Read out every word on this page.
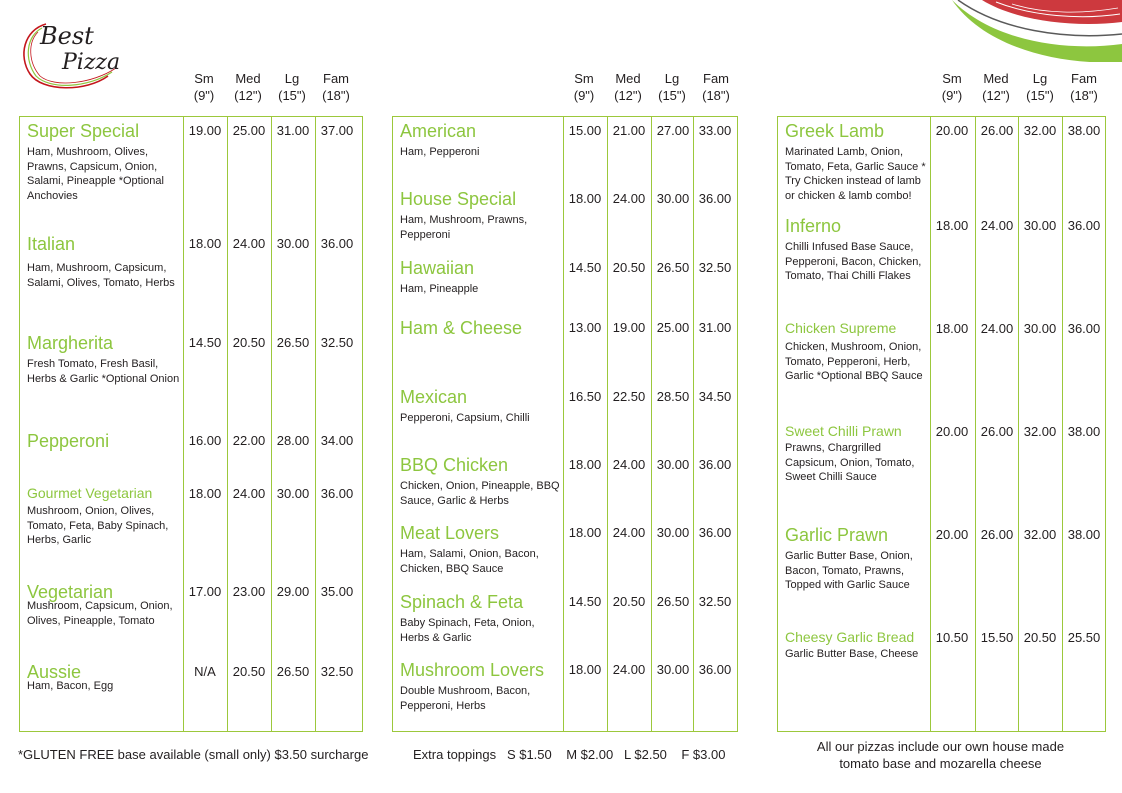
Best
Pizza
Sm
(9")
Med
(12")
Lg
(15")
Fam
(18")
Sm
(9")
Med
(12")
Lg
(15")
Fam
(18")
Sm
(9")
Med
(12")
Lg
(15")
Fam
(18")
Super Special
Ham, Mushroom, Olives, Prawns, Capsicum, Onion, Salami, Pineapple *Optional Anchovies
19.00 25.00 31.00 37.00
Italian
Ham, Mushroom, Capsicum, Salami, Olives, Tomato, Herbs
18.00 24.00 30.00 36.00
Margherita
Fresh Tomato, Fresh Basil, Herbs & Garlic *Optional Onion
14.50 20.50 26.50 32.50
Pepperoni	16.00 22.00 28.00 34.00
Gourmet Vegetarian
Mushroom, Onion, Olives, Tomato, Feta, Baby Spinach, Herbs, Garlic
18.00 24.00 30.00 36.00
Vegetarian
Mushroom, Capsicum, Onion, Olives, Pineapple, Tomato
17.00 23.00 29.00 35.00
Aussie
Ham, Bacon, Egg
N/A	20.50 26.50 32.50
American
Ham, Pepperoni
15.00 21.00 27.00 33.00
House Special
Ham, Mushroom, Prawns, Pepperoni
18.00 24.00 30.00 36.00
Hawaiian
Ham, Pineapple
14.50 20.50 26.50 32.50
Ham & Cheese	13.00 19.00 25.00 31.00
Mexican
Pepperoni, Capsium, Chilli
16.50 22.50 28.50 34.50
BBQ Chicken
Chicken, Onion, Pineapple, BBQ Sauce, Garlic & Herbs
18.00 24.00 30.00 36.00
Meat Lovers
Ham, Salami, Onion, Bacon, Chicken, BBQ Sauce
18.00 24.00 30.00 36.00
Spinach & Feta
Baby Spinach, Feta, Onion, Herbs & Garlic
14.50 20.50 26.50 32.50
Mushroom Lovers
Double Mushroom, Bacon, Pepperoni, Herbs
18.00 24.00 30.00 36.00
Greek Lamb
Marinated Lamb, Onion, Tomato, Feta, Garlic Sauce * Try Chicken instead of lamb or chicken & lamb combo!
20.00 26.00 32.00 38.00
Inferno
Chilli Infused Base Sauce, Pepperoni, Bacon, Chicken, Tomato, Thai Chilli Flakes
18.00 24.00 30.00 36.00
Chicken Supreme
Chicken, Mushroom, Onion, Tomato, Pepperoni, Herb, Garlic *Optional BBQ Sauce
18.00 24.00 30.00 36.00
Sweet Chilli Prawn
Prawns, Chargrilled Capsicum, Onion, Tomato, Sweet Chilli Sauce
20.00 26.00 32.00 38.00
Garlic Prawn
Garlic Butter Base, Onion, Bacon, Tomato, Prawns, Topped with Garlic Sauce
20.00 26.00 32.00 38.00
Cheesy Garlic Bread
Garlic Butter Base, Cheese
10.50 15.50 20.50 25.50
*GLUTEN FREE base available (small only) $3.50 surcharge	Extra toppings   S $1.50    M $2.00   L $2.50    F $3.00
All our pizzas include our own house made
tomato base and mozarella cheese
